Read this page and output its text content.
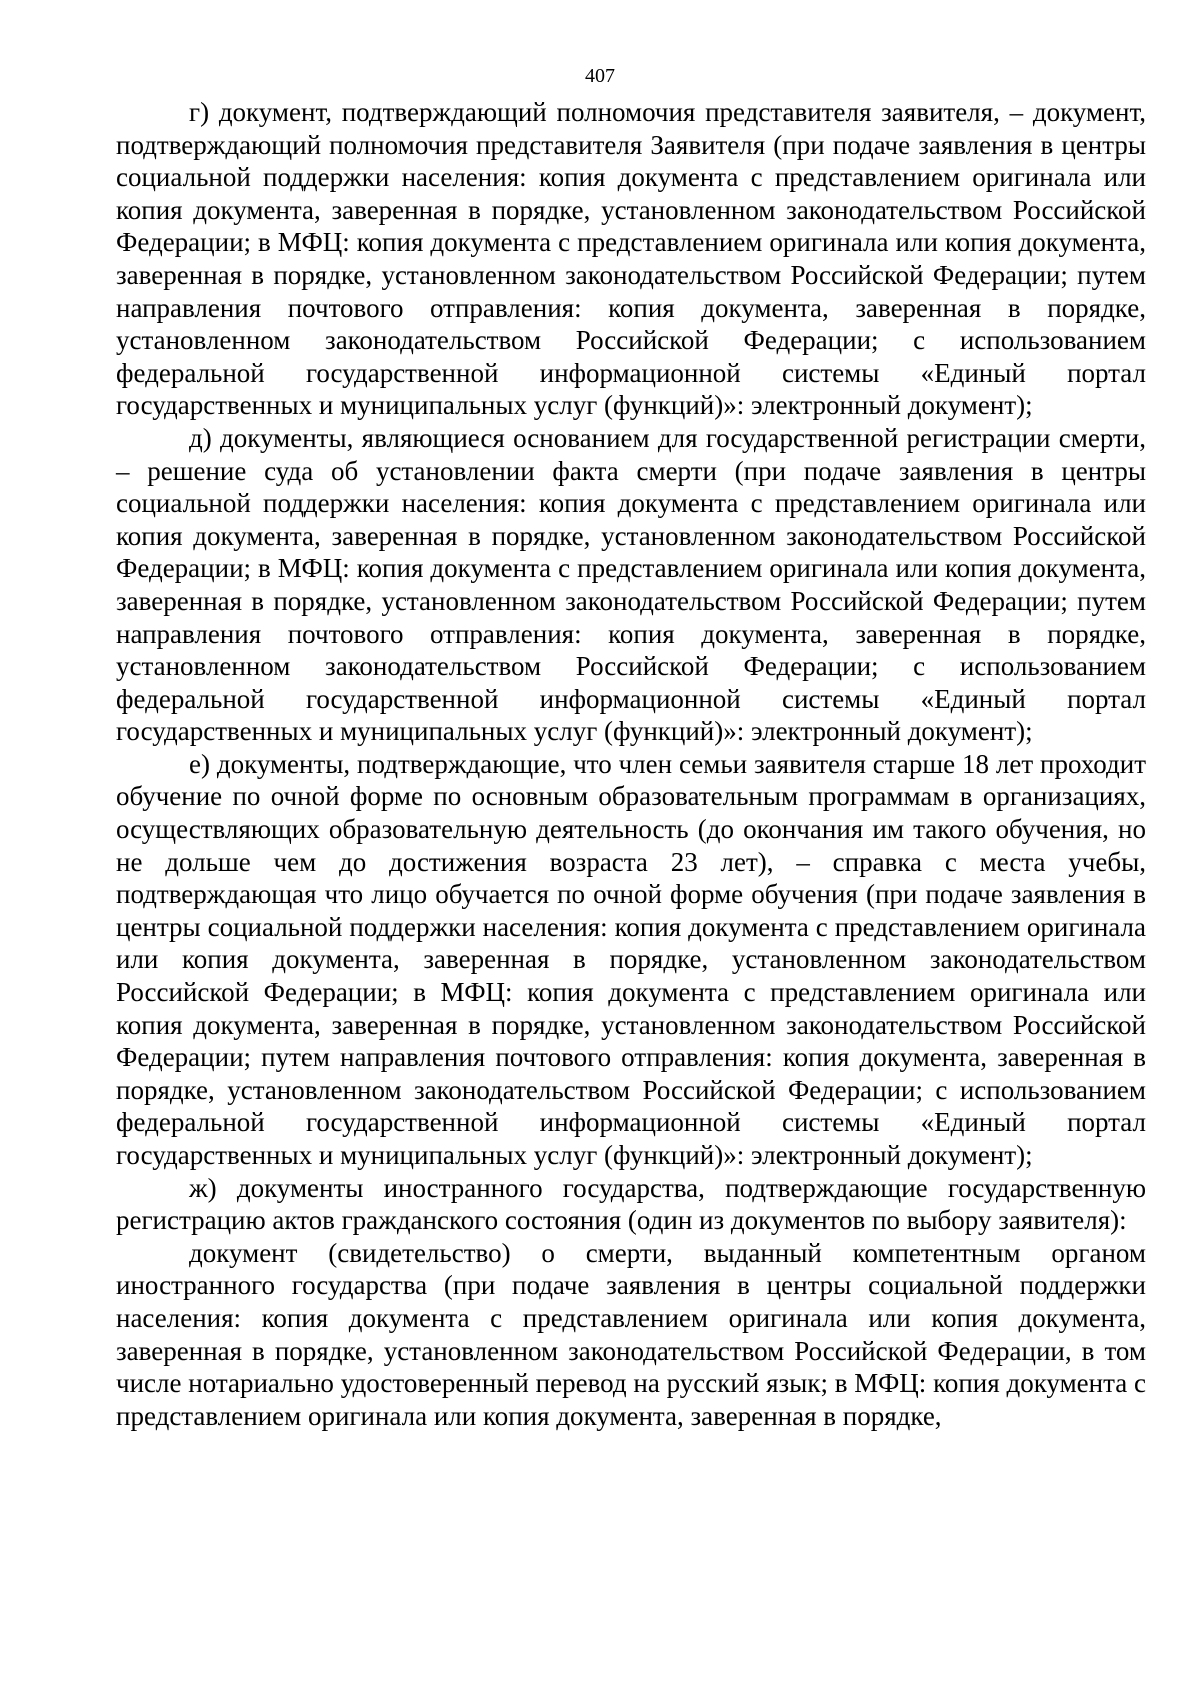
407

г) документ, подтверждающий полномочия представителя заявителя, – документ, подтверждающий полномочия представителя Заявителя (при подаче заявления в центры социальной поддержки населения: копия документа с представлением оригинала или копия документа, заверенная в порядке, установленном законодательством Российской Федерации; в МФЦ: копия документа с представлением оригинала или копия документа, заверенная в порядке, установленном законодательством Российской Федерации; путем направления почтового отправления: копия документа, заверенная в порядке, установленном законодательством Российской Федерации; с использованием федеральной государственной информационной системы «Единый портал государственных и муниципальных услуг (функций)»: электронный документ);

д) документы, являющиеся основанием для государственной регистрации смерти, – решение суда об установлении факта смерти (при подаче заявления в центры социальной поддержки населения: копия документа с представлением оригинала или копия документа, заверенная в порядке, установленном законодательством Российской Федерации; в МФЦ: копия документа с представлением оригинала или копия документа, заверенная в порядке, установленном законодательством Российской Федерации; путем направления почтового отправления: копия документа, заверенная в порядке, установленном законодательством Российской Федерации; с использованием федеральной государственной информационной системы «Единый портал государственных и муниципальных услуг (функций)»: электронный документ);

е) документы, подтверждающие, что член семьи заявителя старше 18 лет проходит обучение по очной форме по основным образовательным программам в организациях, осуществляющих образовательную деятельность (до окончания им такого обучения, но не дольше чем до достижения возраста 23 лет), – справка с места учебы, подтверждающая что лицо обучается по очной форме обучения (при подаче заявления в центры социальной поддержки населения: копия документа с представлением оригинала или копия документа, заверенная в порядке, установленном законодательством Российской Федерации; в МФЦ: копия документа с представлением оригинала или копия документа, заверенная в порядке, установленном законодательством Российской Федерации; путем направления почтового отправления: копия документа, заверенная в порядке, установленном законодательством Российской Федерации; с использованием федеральной государственной информационной системы «Единый портал государственных и муниципальных услуг (функций)»: электронный документ);

ж) документы иностранного государства, подтверждающие государственную регистрацию актов гражданского состояния (один из документов по выбору заявителя):

документ (свидетельство) о смерти, выданный компетентным органом иностранного государства (при подаче заявления в центры социальной поддержки населения: копия документа с представлением оригинала или копия документа, заверенная в порядке, установленном законодательством Российской Федерации, в том числе нотариально удостоверенный перевод на русский язык; в МФЦ: копия документа с представлением оригинала или копия документа, заверенная в порядке,
